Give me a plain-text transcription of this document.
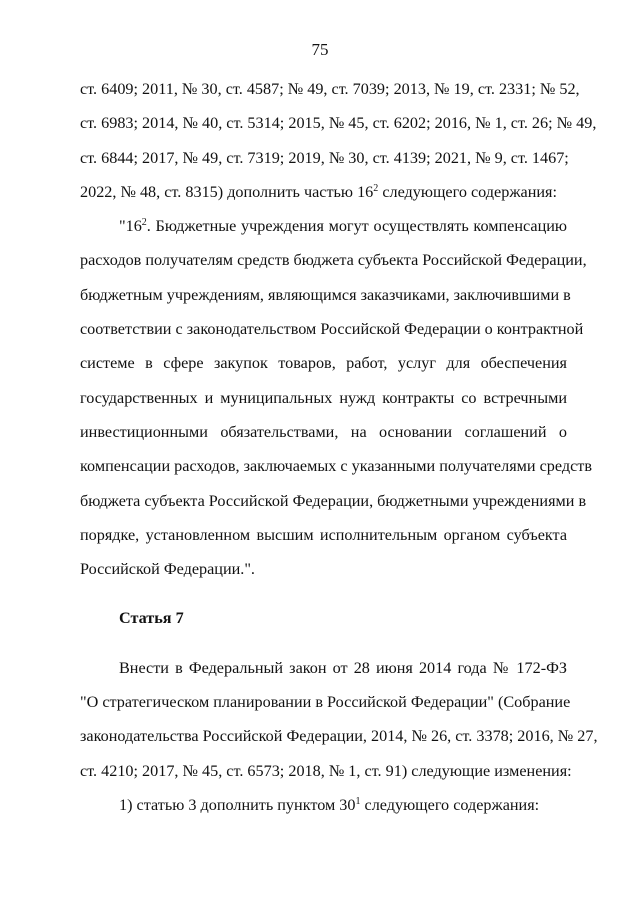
75
ст. 6409; 2011, № 30, ст. 4587; № 49, ст. 7039; 2013, № 19, ст. 2331; № 52,
ст. 6983; 2014, № 40, ст. 5314; 2015, № 45, ст. 6202; 2016, № 1, ст. 26; № 49,
ст. 6844; 2017, № 49, ст. 7319; 2019, № 30, ст. 4139; 2021, № 9, ст. 1467;
2022, № 48, ст. 8315) дополнить частью $16^2$ следующего содержания:
"$16^2$. Бюджетные учреждения могут осуществлять компенсацию
расходов получателям средств бюджета субъекта Российской Федерации,
бюджетным учреждениям, являющимся заказчиками, заключившими в
соответствии с законодательством Российской Федерации о контрактной
системе в сфере закупок товаров, работ, услуг для обеспечения
государственных и муниципальных нужд контракты со встречными
инвестиционными обязательствами, на основании соглашений о
компенсации расходов, заключаемых с указанными получателями средств
бюджета субъекта Российской Федерации, бюджетными учреждениями в
порядке, установленном высшим исполнительным органом субъекта
Российской Федерации.".
Статья 7
Внести в Федеральный закон от 28 июня 2014 года № 172-ФЗ
"О стратегическом планировании в Российской Федерации" (Собрание
законодательства Российской Федерации, 2014, № 26, ст. 3378; 2016, № 27,
ст. 4210; 2017, № 45, ст. 6573; 2018, № 1, ст. 91) следующие изменения:
1) статью 3 дополнить пунктом $30^1$ следующего содержания:
